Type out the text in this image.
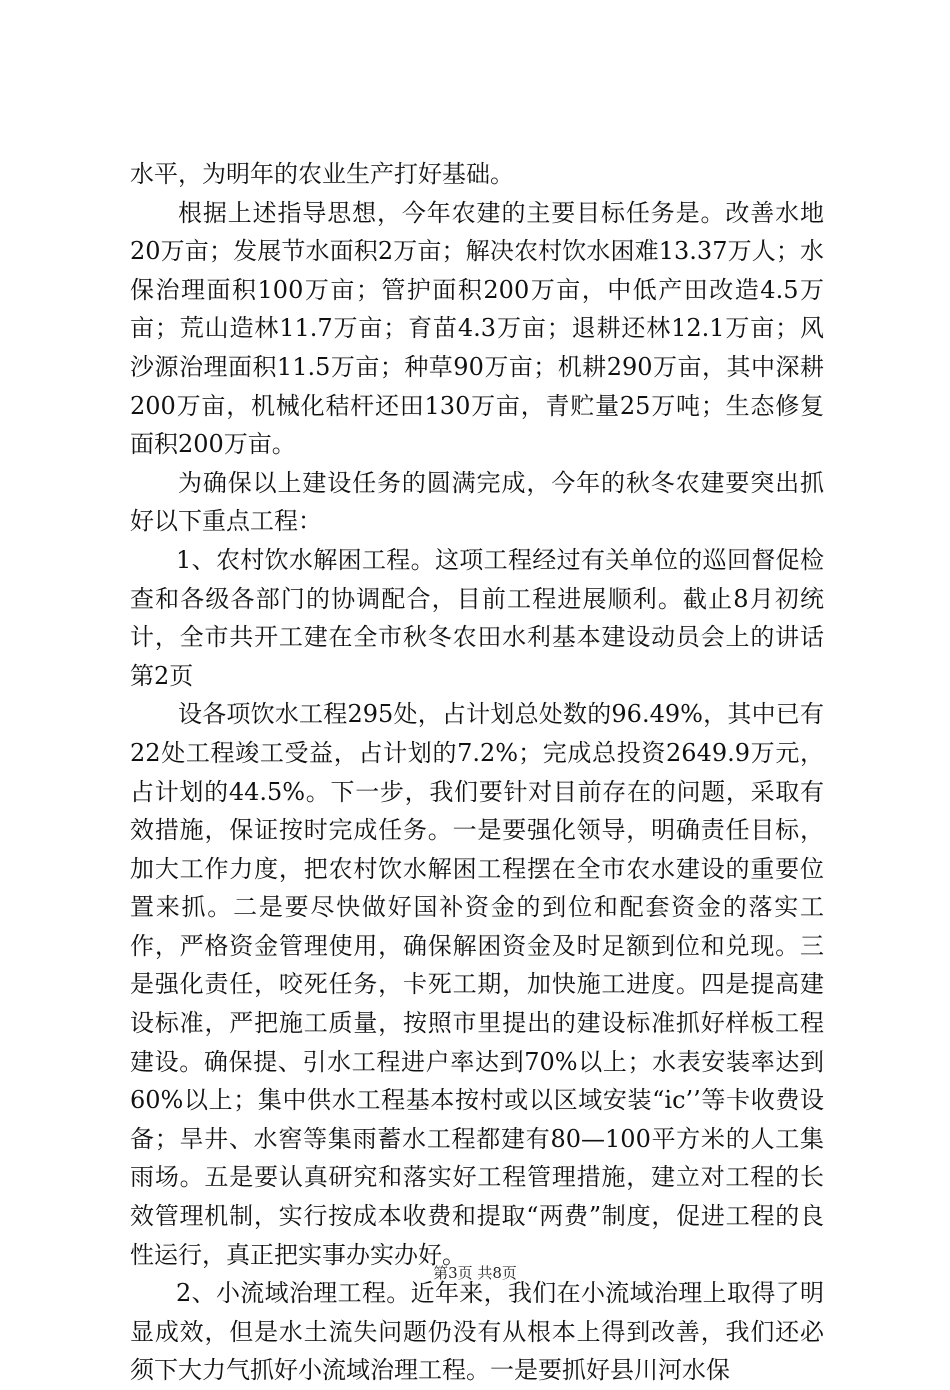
水平，为明年的农业生产打好基础。

根据上述指导思想，今年农建的主要目标任务是。改善水地20万亩；发展节水面积2万亩；解决农村饮水困难13.37万人；水保治理面积100万亩；管护面积200万亩，中低产田改造4.5万亩；荒山造林11.7万亩；育苗4.3万亩；退耕还林12.1万亩；风沙源治理面积11.5万亩；种草90万亩；机耕290万亩，其中深耕200万亩，机械化秸杆还田130万亩，青贮量25万吨；生态修复面积200万亩。

为确保以上建设任务的圆满完成，今年的秋冬农建要突出抓好以下重点工程：

1、农村饮水解困工程。这项工程经过有关单位的巡回督促检查和各级各部门的协调配合，目前工程进展顺利。截止8月初统计，全市共开工建在全市秋冬农田水利基本建设动员会上的讲话第2页

设各项饮水工程295处，占计划总处数的96.49%，其中已有22处工程竣工受益，占计划的7.2%；完成总投资2649.9万元，占计划的44.5%。下一步，我们要针对目前存在的问题，采取有效措施，保证按时完成任务。一是要强化领导，明确责任目标，加大工作力度，把农村饮水解困工程摆在全市农水建设的重要位置来抓。二是要尽快做好国补资金的到位和配套资金的落实工作，严格资金管理使用，确保解困资金及时足额到位和兑现。三是强化责任，咬死任务，卡死工期，加快施工进度。四是提高建设标准，严把施工质量，按照市里提出的建设标准抓好样板工程建设。确保提、引水工程进户率达到70%以上；水表安装率达到60%以上；集中供水工程基本按村或以区域安装“ic’’等卡收费设备；旱井、水窖等集雨蓄水工程都建有80—100平方米的人工集雨场。五是要认真研究和落实好工程管理措施，建立对工程的长效管理机制，实行按成本收费和提取“两费”制度，促进工程的良性运行，真正把实事办实办好。

2、小流域治理工程。近年来，我们在小流域治理上取得了明显成效，但是水土流失问题仍没有从根本上得到改善，我们还必须下大力气抓好小流域治理工程。一是要抓好县川河水保

第3页 共8页
